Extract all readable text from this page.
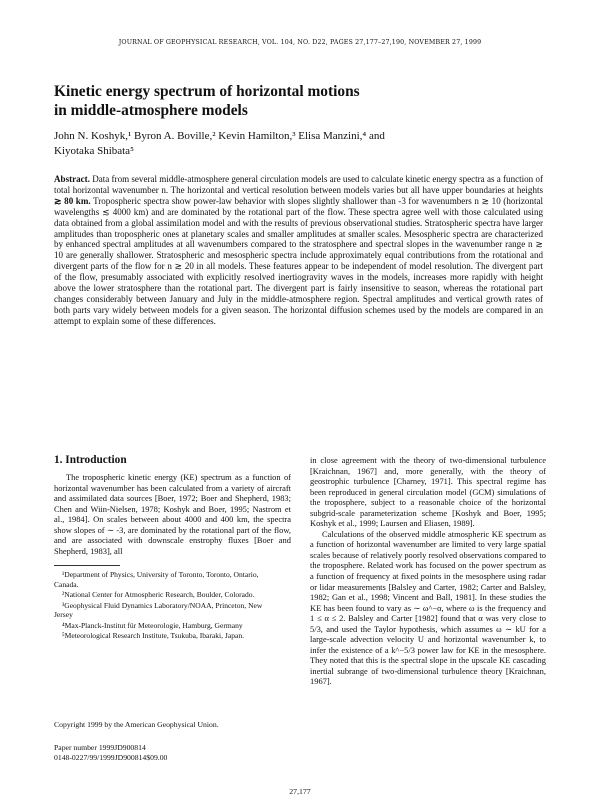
JOURNAL OF GEOPHYSICAL RESEARCH, VOL. 104, NO. D22, PAGES 27,177–27,190, NOVEMBER 27, 1999
Kinetic energy spectrum of horizontal motions
in middle-atmosphere models
John N. Koshyk,¹ Byron A. Boville,² Kevin Hamilton,³ Elisa Manzini,⁴ and
Kiyotaka Shibata⁵
Abstract. Data from several middle-atmosphere general circulation models are used to calculate kinetic energy spectra as a function of total horizontal wavenumber n. The horizontal and vertical resolution between models varies but all have upper boundaries at heights ≳ 80 km. Tropospheric spectra show power-law behavior with slopes slightly shallower than -3 for wavenumbers n ≳ 10 (horizontal wavelengths ≲ 4000 km) and are dominated by the rotational part of the flow. These spectra agree well with those calculated using data obtained from a global assimilation model and with the results of previous observational studies. Stratospheric spectra have larger amplitudes than tropospheric ones at planetary scales and smaller amplitudes at smaller scales. Mesospheric spectra are characterized by enhanced spectral amplitudes at all wavenumbers compared to the stratosphere and spectral slopes in the wavenumber range n ≳ 10 are generally shallower. Stratospheric and mesospheric spectra include approximately equal contributions from the rotational and divergent parts of the flow for n ≳ 20 in all models. These features appear to be independent of model resolution. The divergent part of the flow, presumably associated with explicitly resolved inertiogravity waves in the models, increases more rapidly with height above the lower stratosphere than the rotational part. The divergent part is fairly insensitive to season, whereas the rotational part changes considerably between January and July in the middle-atmosphere region. Spectral amplitudes and vertical growth rates of both parts vary widely between models for a given season. The horizontal diffusion schemes used by the models are compared in an attempt to explain some of these differences.
1. Introduction

The tropospheric kinetic energy (KE) spectrum as a function of horizontal wavenumber has been calculated from a variety of aircraft and assimilated data sources [Boer, 1972; Boer and Shepherd, 1983; Chen and Wiin-Nielsen, 1978; Koshyk and Boer, 1995; Nastrom et al., 1984]. On scales between about 4000 and 400 km, the spectra show slopes of ∼ -3, are dominated by the rotational part of the flow, and are associated with downscale enstrophy fluxes [Boer and Shepherd, 1983], all

¹Department of Physics, University of Toronto, Toronto, Ontario, Canada.

²National Center for Atmospheric Research, Boulder, Colorado.

³Geophysical Fluid Dynamics Laboratory/NOAA, Princeton, New Jersey

⁴Max-Planck-Institut für Meteorologie, Hamburg, Germany

⁵Meteorological Research Institute, Tsukuba, Ibaraki, Japan.

Copyright 1999 by the American Geophysical Union.
Paper number 1999JD900814
0148-0227/99/1999JD900814$09.00

in close agreement with the theory of two-dimensional turbulence [Kraichnan, 1967] and, more generally, with the theory of geostrophic turbulence [Charney, 1971]. This spectral regime has been reproduced in general circulation model (GCM) simulations of the troposphere, subject to a reasonable choice of the horizontal subgrid-scale parameterization scheme [Koshyk and Boer, 1995; Koshyk et al., 1999; Laursen and Eliasen, 1989].

Calculations of the observed middle atmospheric KE spectrum as a function of horizontal wavenumber are limited to very large spatial scales because of relatively poorly resolved observations compared to the troposphere. Related work has focused on the power spectrum as a function of frequency at fixed points in the mesosphere using radar or lidar measurements [Balsley and Carter, 1982; Carter and Balsley, 1982; Gan et al., 1998; Vincent and Ball, 1981]. In these studies the KE has been found to vary as ∼ ω^−α, where ω is the frequency and 1 ≤ α ≤ 2. Balsley and Carter [1982] found that α was very close to 5/3, and used the Taylor hypothesis, which assumes ω ∼ kU for a large-scale advection velocity U and horizontal wavenumber k, to infer the existence of a k^−5/3 power law for KE in the mesosphere. They noted that this is the spectral slope in the upscale KE cascading inertial subrange of two-dimensional turbulence theory [Kraichnan, 1967].

27,177
